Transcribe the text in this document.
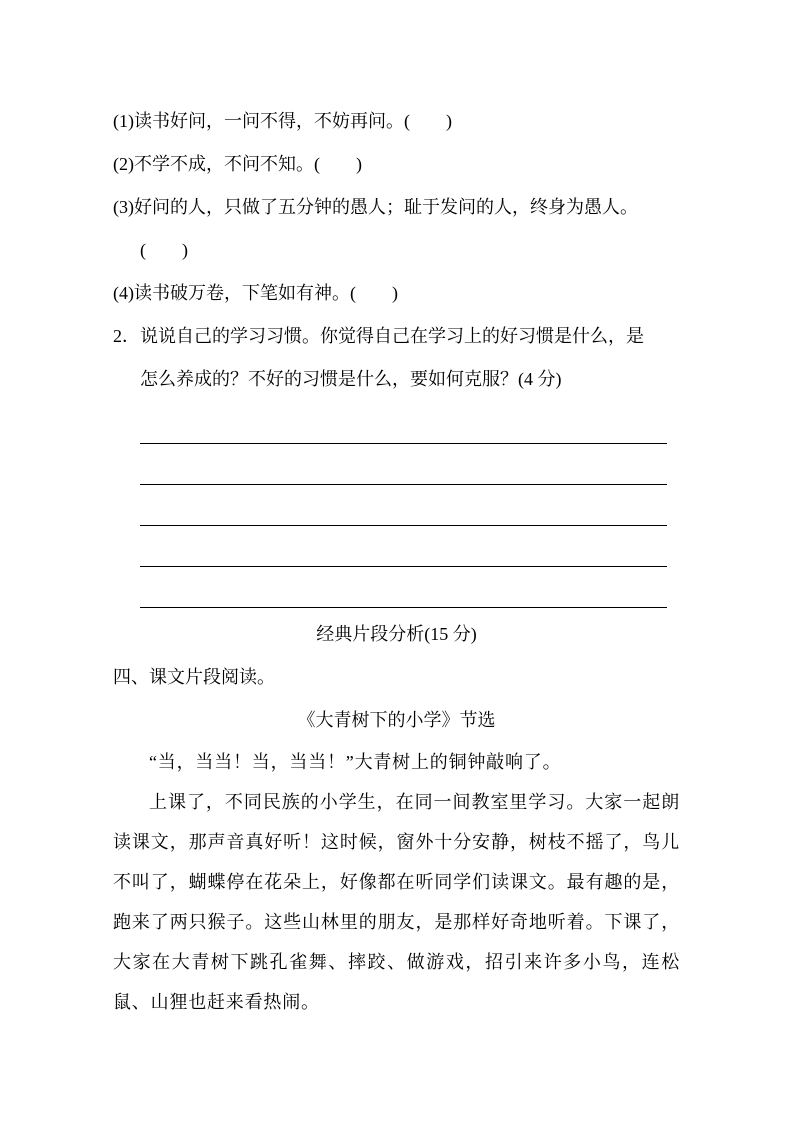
(1)读书好问，一问不得，不妨再问。(　　)
(2)不学不成，不问不知。(　　)
(3)好问的人，只做了五分钟的愚人；耻于发问的人，终身为愚人。
(　　)
(4)读书破万卷，下笔如有神。(　　)
2．说说自己的学习习惯。你觉得自己在学习上的好习惯是什么，是
怎么养成的？不好的习惯是什么，要如何克服？(4 分)
经典片段分析(15 分)
四、课文片段阅读。
《大青树下的小学》节选

“当，当当！当，当当！”大青树上的铜钟敲响了。

上课了，不同民族的小学生，在同一间教室里学习。大家一起朗读课文，那声音真好听！这时候，窗外十分安静，树枝不摇了，鸟儿不叫了，蝴蝶停在花朵上，好像都在听同学们读课文。最有趣的是，跑来了两只猴子。这些山林里的朋友，是那样好奇地听着。下课了，大家在大青树下跳孔雀舞、摔跤、做游戏，招引来许多小鸟，连松鼠、山狸也赶来看热闹。
